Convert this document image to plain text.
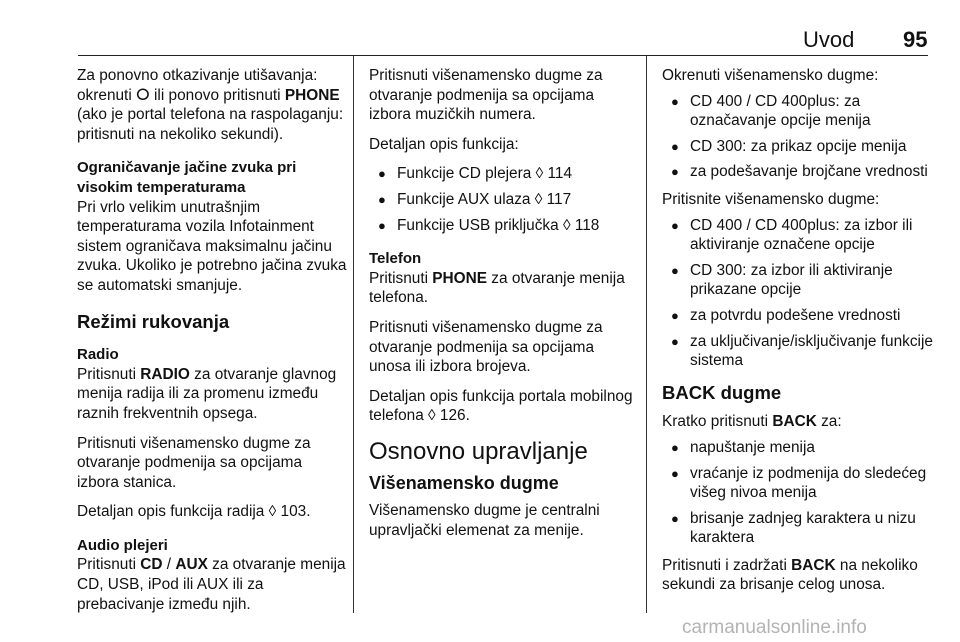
Uvod 95

Za ponovno otkazivanje utišavanja: okrenuti ⵔ ili ponovo pritisnuti PHONE (ako je portal telefona na raspolaganju: pritisnuti na nekoliko sekundi).

Ograničavanje jačine zvuka pri visokim temperaturama

Pri vrlo velikim unutrašnjim temperaturama vozila Infotainment sistem ograničava maksimalnu jačinu zvuka. Ukoliko je potrebno jačina zvuka se automatski smanjuje.

Režimi rukovanja
Radio

Pritisnuti RADIO za otvaranje glavnog menija radija ili za promenu između raznih frekventnih opsega.

Pritisnuti višenamensko dugme za otvaranje podmenija sa opcijama izbora stanica.

Detaljan opis funkcija radija ◊ 103.

Audio plejeri

Pritisnuti CD / AUX za otvaranje menija CD, USB, iPod ili AUX ili za prebacivanje između njih.

Pritisnuti višenamensko dugme za otvaranje podmenija sa opcijama izbora muzičkih numera.

Detaljan opis funkcija:

● Funkcije CD plejera ◊ 114
● Funkcije AUX ulaza ◊ 117
● Funkcije USB priključka ◊ 118
Telefon

Pritisnuti PHONE za otvaranje menija telefona.

Pritisnuti višenamensko dugme za otvaranje podmenija sa opcijama unosa ili izbora brojeva.

Detaljan opis funkcija portala mobilnog telefona ◊ 126.

Osnovno upravljanje
Višenamensko dugme

Višenamensko dugme je centralni upravljački elemenat za menije.

Okrenuti višenamensko dugme:

● CD 400 / CD 400plus: za označavanje opcije menija
● CD 300: za prikaz opcije menija
● za podešavanje brojčane vrednosti

Pritisnite višenamensko dugme:

● CD 400 / CD 400plus: za izbor ili aktiviranje označene opcije
● CD 300: za izbor ili aktiviranje prikazane opcije
● za potvrdu podešene vrednosti
● za uključivanje/isključivanje funkcije sistema
BACK dugme

Kratko pritisnuti BACK za:

● napuštanje menija
● vraćanje iz podmenija do sledećeg višeg nivoa menija
● brisanje zadnjeg karaktera u nizu karaktera

Pritisnuti i zadržati BACK na nekoliko sekundi za brisanje celog unosa.

carmanualsonline.info
